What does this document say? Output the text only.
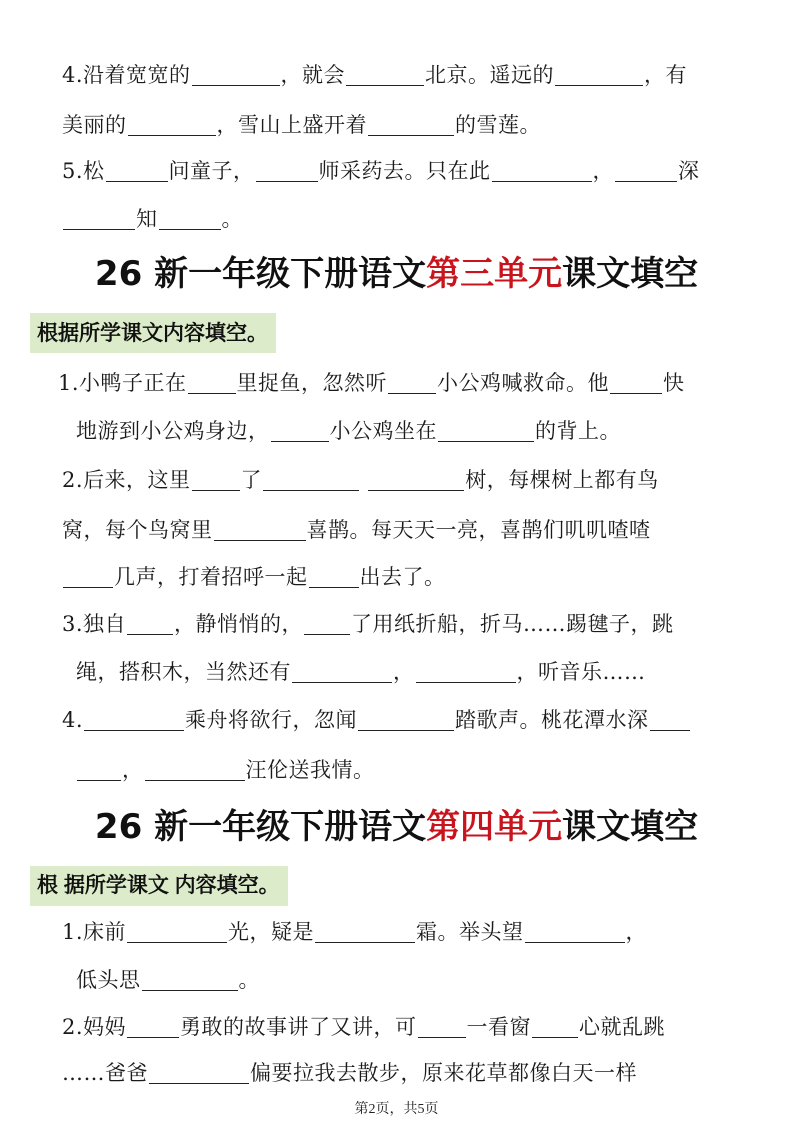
4.沿着宽宽的	，就会	北京。遥远的	，有
美丽的	，雪山上盛开着	的雪莲。
5.松	问童子，	师采药去。只在此	，	深
知	。
26 新一年级下册语文第三单元课文填空
根据所学课文内容填空。
1.小鸭子正在 里捉鱼，忽然听 小公鸡喊救命。他	快
地游到小公鸡身边，	小公鸡坐在	的背上。
2.后来，这里 了	树，每棵树上都有鸟
窝，每个鸟窝里	喜鹊。每天天一亮，喜鹊们叽叽喳喳
几声，打着招呼一起 出去了。
3.独自 ，静悄悄的， 了用纸折船，折马……踢毽子，跳
绳，搭积木，当然还有	，	，听音乐……
4.	乘舟将欲行，忽闻	踏歌声。桃花潭水深
，	汪伦送我情。
26 新一年级下册语文第四单元课文填空
根 据所学课文 内容填空。
1.床前	光，疑是	霜。举头望	，
低头思	。
2.妈妈	勇敢的故事讲了又讲，可 一看窗 心就乱跳
……爸爸	偏要拉我去散步，原来花草都像白天一样
第2页，共5页
